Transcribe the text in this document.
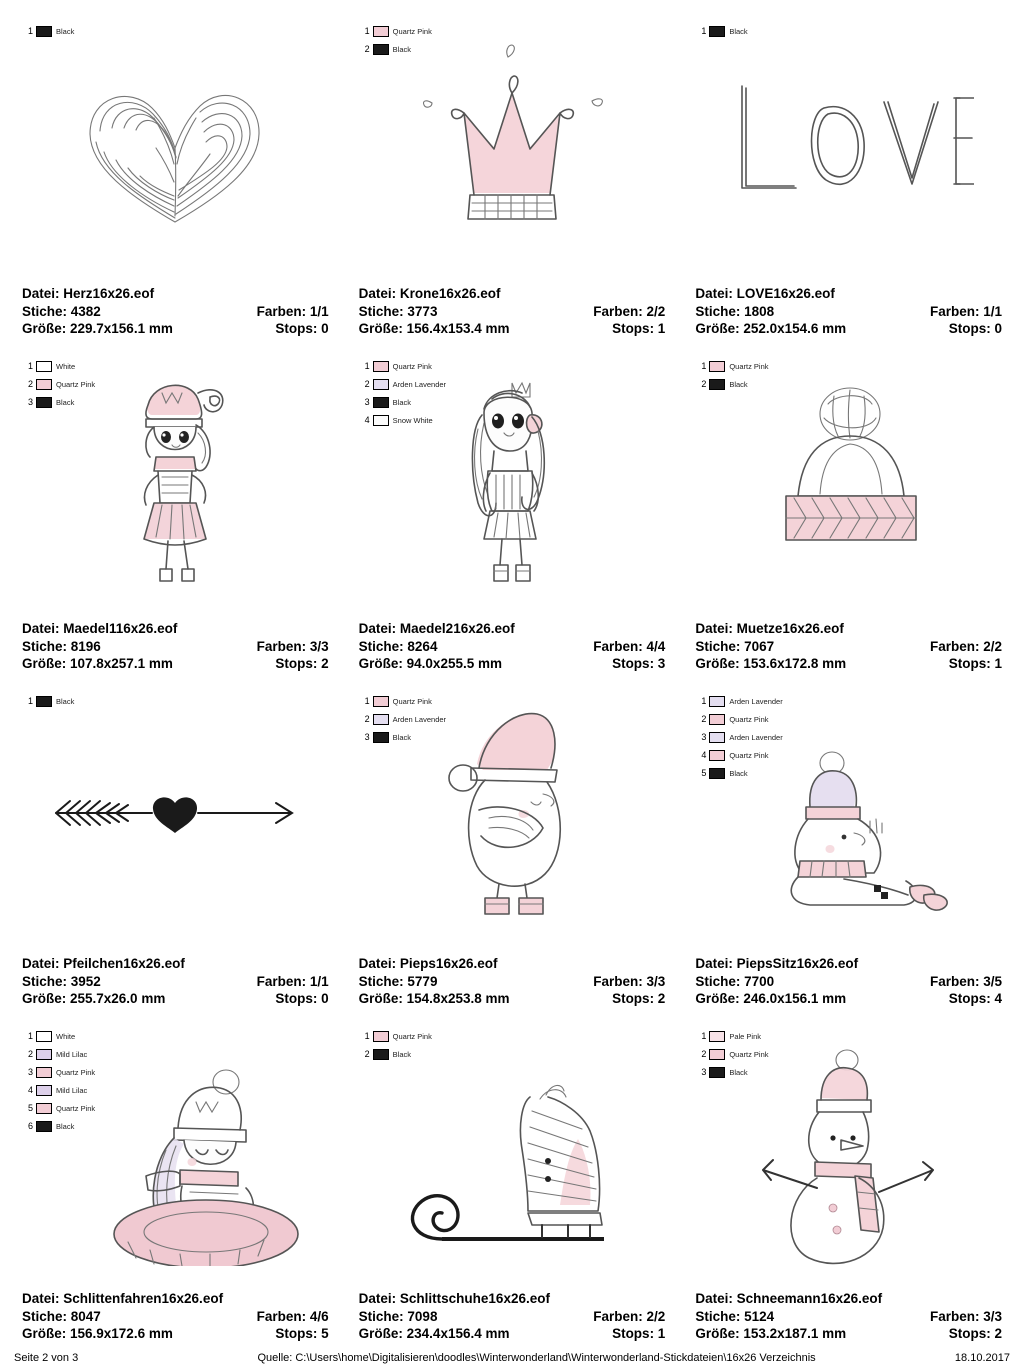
1	Black
Datei: Herz16x26.eof
Stiche: 4382	Farben: 1/1
Größe: 229.7x156.1 mm	Stops: 0
1	Quartz Pink
2	Black
Datei: Krone16x26.eof
Stiche: 3773	Farben: 2/2
Größe: 156.4x153.4 mm	Stops: 1
1	Black
Datei: LOVE16x26.eof
Stiche: 1808	Farben: 1/1
Größe: 252.0x154.6 mm	Stops: 0
1	White
2	Quartz Pink
3	Black
Datei: Maedel116x26.eof
Stiche: 8196	Farben: 3/3
Größe: 107.8x257.1 mm	Stops: 2
1	Quartz Pink
2	Arden Lavender
3	Black
4	Snow White
Datei: Maedel216x26.eof
Stiche: 8264	Farben: 4/4
Größe: 94.0x255.5 mm	Stops: 3
1	Quartz Pink
2	Black
Datei: Muetze16x26.eof
Stiche: 7067	Farben: 2/2
Größe: 153.6x172.8 mm	Stops: 1
1	Black
Datei: Pfeilchen16x26.eof
Stiche: 3952	Farben: 1/1
Größe: 255.7x26.0 mm	Stops: 0
1	Quartz Pink
2	Arden Lavender
3	Black
Datei: Pieps16x26.eof
Stiche: 5779	Farben: 3/3
Größe: 154.8x253.8 mm	Stops: 2
1	Arden Lavender
2	Quartz Pink
3	Arden Lavender
4	Quartz Pink
5	Black
Datei: PiepsSitz16x26.eof
Stiche: 7700	Farben: 3/5
Größe: 246.0x156.1 mm	Stops: 4
1	White
2	Mild Lilac
3	Quartz Pink
4	Mild Lilac
5	Quartz Pink
6	Black
Datei: Schlittenfahren16x26.eof
Stiche: 8047	Farben: 4/6
Größe: 156.9x172.6 mm	Stops: 5
1	Quartz Pink
2	Black
Datei: Schlittschuhe16x26.eof
Stiche: 7098	Farben: 2/2
Größe: 234.4x156.4 mm	Stops: 1
1	Pale Pink
2	Quartz Pink
3	Black
Datei: Schneemann16x26.eof
Stiche: 5124	Farben: 3/3
Größe: 153.2x187.1 mm	Stops: 2
Seite 2 von 3	Quelle: C:\Users\home\Digitalisieren\doodles\Winterwonderland\Winterwonderland-Stickdateien\16x26 Verzeichnis	18.10.2017
